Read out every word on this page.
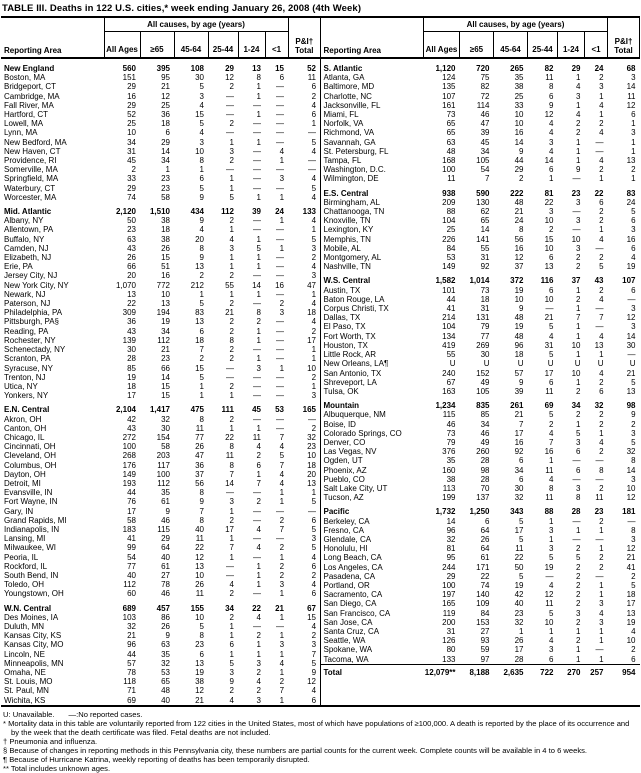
TABLE III. Deaths in 122 U.S. cities,* week ending January 26, 2008 (4th Week)
	All causes, by age (years)						
Reporting Area	All Ages	≥65	45-64	25-44	1-24	<1	P&I†
Total

New England	560	395	108	29	13	15	52
Boston, MA	151	95	30	12	8	6	11
Bridgeport, CT	29	21	5	2	1	—	6
Cambridge, MA	16	12	3	—	1	—	2
Fall River, MA	29	25	4	—	—	—	4
Hartford, CT	52	36	15	—	1	—	6
Lowell, MA	25	18	5	2	—	—	1
Lynn, MA	10	6	4	—	—	—	—
New Bedford, MA	34	29	3	1	1	—	5
New Haven, CT	31	14	10	3	—	4	4
Providence, RI	45	34	8	2	—	1	—
Somerville, MA	2	1	1	—	—	—	—
Springfield, MA	33	23	6	1	—	3	4
Waterbury, CT	29	23	5	1	—	—	5
Worcester, MA	74	58	9	5	1	1	4
Mid. Atlantic	2,120	1,510	434	112	39	24	133
Albany, NY	50	38	9	2	—	1	4
Allentown, PA	23	18	4	1	—	—	1
Buffalo, NY	63	38	20	4	1	—	5
Camden, NJ	43	26	8	3	5	1	3
Elizabeth, NJ	26	15	9	1	1	—	2
Erie, PA	66	51	13	1	1	—	4
Jersey City, NJ	20	16	2	2	—	—	3
New York City, NY	1,070	772	212	55	14	16	47
Newark, NJ	13	10	1	1	1	—	1
Paterson, NJ	22	13	5	2	—	2	4
Philadelphia, PA	309	194	83	21	8	3	18
Pittsburgh, PA§	36	19	13	2	2	—	4
Reading, PA	43	34	6	2	1	—	2
Rochester, NY	139	112	18	8	1	—	17
Schenectady, NY	30	21	7	2	—	—	1
Scranton, PA	28	23	2	2	1	—	1
Syracuse, NY	85	66	15	—	3	1	10
Trenton, NJ	19	14	5	—	—	—	2
Utica, NY	18	15	1	2	—	—	1
Yonkers, NY	17	15	1	1	—	—	3
E.N. Central	2,104	1,417	475	111	45	53	165
Akron, OH	42	32	8	2	—	—	—
Canton, OH	43	30	11	1	1	—	2
Chicago, IL	272	154	77	22	11	7	32
Cincinnati, OH	100	58	26	8	4	4	23
Cleveland, OH	268	203	47	11	2	5	10
Columbus, OH	176	117	36	8	6	7	18
Dayton, OH	149	100	37	7	1	4	20
Detroit, MI	193	112	56	14	7	4	13
Evansville, IN	44	35	8	—	—	1	1
Fort Wayne, IN	76	61	9	3	2	1	5
Gary, IN	17	9	7	1	—	—	—
Grand Rapids, MI	58	46	8	2	—	2	6
Indianapolis, IN	183	115	40	17	4	7	5
Lansing, MI	41	29	11	1	—	—	3
Milwaukee, WI	99	64	22	7	4	2	5
Peoria, IL	54	40	12	1	—	1	4
Rockford, IL	77	61	13	—	1	2	6
South Bend, IN	40	27	10	—	1	2	2
Toledo, OH	112	78	26	4	1	3	4
Youngstown, OH	60	46	11	2	—	1	6
W.N. Central	689	457	155	34	22	21	67
Des Moines, IA	103	86	10	2	4	1	15
Duluth, MN	32	26	5	1	—	—	4
Kansas City, KS	21	9	8	1	2	1	2
Kansas City, MO	96	63	23	6	1	3	3
Lincoln, NE	44	35	6	1	1	1	7
Minneapolis, MN	57	32	13	5	3	4	5
Omaha, NE	78	53	19	3	2	1	9
St. Louis, MO	118	65	38	9	4	2	12
St. Paul, MN	71	48	12	2	2	7	4
Wichita, KS	69	40	21	4	3	1	6
	All causes, by age (years)						
Reporting Area	All Ages	≥65	45-64	25-44	1-24	<1	P&I†
Total

S. Atlantic	1,120	720	265	82	29	24	68
Atlanta, GA	124	75	35	11	1	2	3
Baltimore, MD	135	82	38	8	4	3	14
Charlotte, NC	107	72	25	6	3	1	11
Jacksonville, FL	161	114	33	9	1	4	12
Miami, FL	73	46	10	12	4	1	6
Norfolk, VA	65	47	10	4	2	2	1
Richmond, VA	65	39	16	4	2	4	3
Savannah, GA	63	45	14	3	1	—	1
St. Petersburg, FL	48	34	9	4	1	—	1
Tampa, FL	168	105	44	14	1	4	13
Washington, D.C.	100	54	29	6	9	2	2
Wilmington, DE	11	7	2	1	—	1	1
E.S. Central	938	590	222	81	23	22	83
Birmingham, AL	209	130	48	22	3	6	24
Chattanooga, TN	88	62	21	3	—	2	5
Knoxville, TN	104	65	24	10	3	2	6
Lexington, KY	25	14	8	2	—	1	3
Memphis, TN	226	141	56	15	10	4	16
Mobile, AL	84	55	16	10	3	—	6
Montgomery, AL	53	31	12	6	2	2	4
Nashville, TN	149	92	37	13	2	5	19
W.S. Central	1,582	1,014	372	116	37	43	107
Austin, TX	101	73	19	6	1	2	6
Baton Rouge, LA	44	18	10	10	2	4	—
Corpus Christi, TX	41	31	9	—	1	—	3
Dallas, TX	214	131	48	21	7	7	12
El Paso, TX	104	79	19	5	1	—	3
Fort Worth, TX	134	77	48	4	1	4	14
Houston, TX	419	269	96	31	10	13	30
Little Rock, AR	55	30	18	5	1	1	—
New Orleans, LA¶	U	U	U	U	U	U	U
San Antonio, TX	240	152	57	17	10	4	21
Shreveport, LA	67	49	9	6	1	2	5
Tulsa, OK	163	105	39	11	2	6	13
Mountain	1,234	835	261	69	34	32	98
Albuquerque, NM	115	85	21	5	2	2	9
Boise, ID	46	34	7	2	1	2	2
Colorado Springs, CO	73	46	17	4	5	1	3
Denver, CO	79	49	16	7	3	4	5
Las Vegas, NV	376	260	92	16	6	2	32
Ogden, UT	35	28	6	1	—	—	8
Phoenix, AZ	160	98	34	11	6	8	14
Pueblo, CO	38	28	6	4	—	—	3
Salt Lake City, UT	113	70	30	8	3	2	10
Tucson, AZ	199	137	32	11	8	11	12
Pacific	1,732	1,250	343	88	28	23	181
Berkeley, CA	14	6	5	1	—	2	—
Fresno, CA	96	64	17	3	1	1	8
Glendale, CA	32	26	5	1	—	—	3
Honolulu, HI	81	64	11	3	2	1	12
Long Beach, CA	95	61	22	5	5	2	21
Los Angeles, CA	244	171	50	19	2	2	41
Pasadena, CA	29	22	5	—	2	—	2
Portland, OR	100	74	19	4	2	1	5
Sacramento, CA	197	140	42	12	2	1	18
San Diego, CA	165	109	40	11	2	3	17
San Francisco, CA	119	84	23	5	3	4	13
San Jose, CA	200	153	32	10	2	3	19
Santa Cruz, CA	31	27	1	1	1	1	4
Seattle, WA	126	93	26	4	2	1	10
Spokane, WA	80	59	17	3	1	—	2
Tacoma, WA	133	97	28	6	1	1	6
Total	12,079**	8,188	2,635	722	270	257	954
U: Unavailable. —:No reported cases.
* Mortality data in this table are voluntarily reported from 122 cities in the United States, most of which have populations of ≥100,000. A death is reported by the place of its occurrence and by the week that the death certificate was filed. Fetal deaths are not included.
† Pneumonia and influenza.
§ Because of changes in reporting methods in this Pennsylvania city, these numbers are partial counts for the current week. Complete counts will be available in 4 to 6 weeks.
¶ Because of Hurricane Katrina, weekly reporting of deaths has been temporarily disrupted.
** Total includes unknown ages.
